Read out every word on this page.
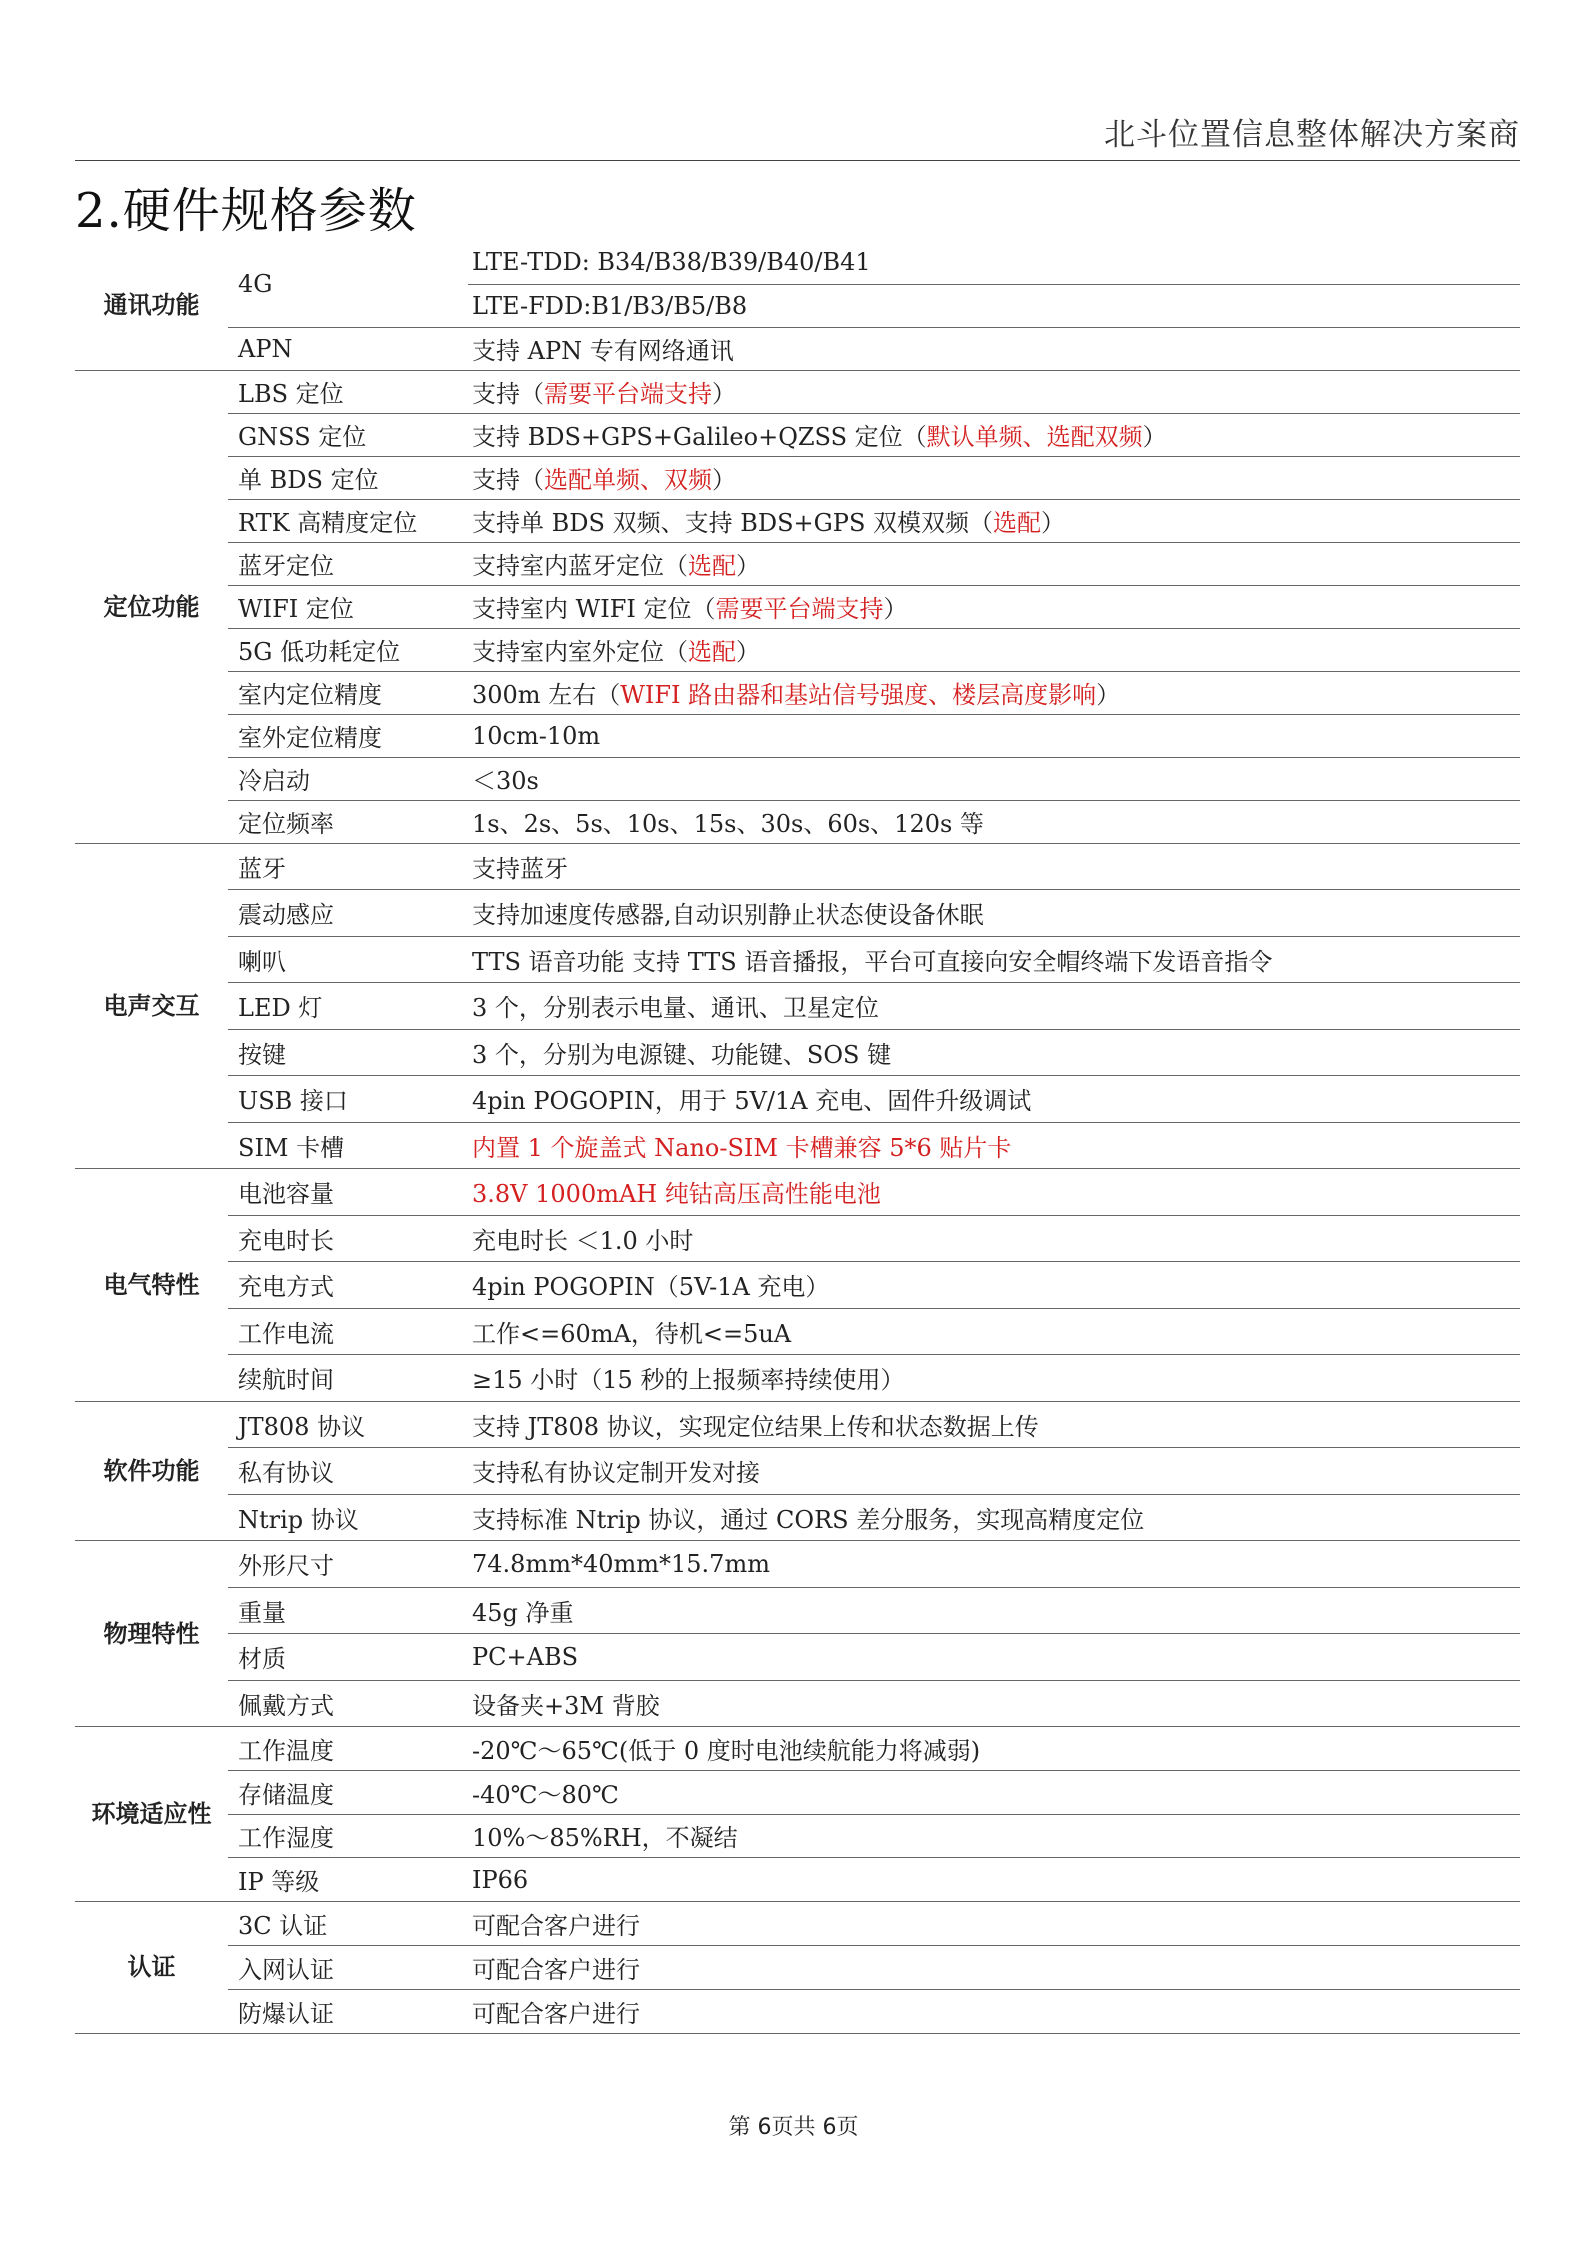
北斗位置信息整体解决方案商
2.硬件规格参数
通讯功能	4G	LTE-TDD: B34/B38/B39/B40/B41
		LTE-FDD:B1/B3/B5/B8
	APN	支持 APN 专有网络通讯
定位功能	LBS 定位	支持（需要平台端支持）
	GNSS 定位	支持 BDS+GPS+Galileo+QZSS 定位（默认单频、选配双频）
	单 BDS 定位	支持（选配单频、双频）
	RTK 高精度定位	支持单 BDS 双频、支持 BDS+GPS 双模双频（选配）
	蓝牙定位	支持室内蓝牙定位（选配）
	WIFI 定位	支持室内 WIFI 定位（需要平台端支持）
	5G 低功耗定位	支持室内室外定位（选配）
	室内定位精度	300m 左右（WIFI 路由器和基站信号强度、楼层高度影响）
	室外定位精度	10cm-10m
	冷启动	＜30s
	定位频率	1s、2s、5s、10s、15s、30s、60s、120s 等
电声交互	蓝牙	支持蓝牙
	震动感应	支持加速度传感器,自动识别静止状态使设备休眠
	喇叭	TTS 语音功能 支持 TTS 语音播报，平台可直接向安全帽终端下发语音指令
	LED 灯	3 个，分别表示电量、通讯、卫星定位
	按键	3 个，分别为电源键、功能键、SOS 键
	USB 接口	4pin POGOPIN，用于 5V/1A 充电、固件升级调试
	SIM 卡槽	内置 1 个旋盖式 Nano-SIM 卡槽兼容 5*6 贴片卡
电气特性	电池容量	3.8V 1000mAH 纯钴高压高性能电池
	充电时长	充电时长 ＜1.0 小时
	充电方式	4pin POGOPIN（5V-1A 充电）
	工作电流	工作<=60mA，待机<=5uA
	续航时间	≥15 小时（15 秒的上报频率持续使用）
软件功能	JT808 协议	支持 JT808 协议，实现定位结果上传和状态数据上传
	私有协议	支持私有协议定制开发对接
	Ntrip 协议	支持标准 Ntrip 协议，通过 CORS 差分服务，实现高精度定位
物理特性	外形尺寸	74.8mm*40mm*15.7mm
	重量	45g 净重
	材质	PC+ABS
	佩戴方式	设备夹+3M 背胶
环境适应性	工作温度	-20℃～65℃(低于 0 度时电池续航能力将减弱)
	存储温度	-40℃～80℃
	工作湿度	10%～85%RH，不凝结
	IP 等级	IP66
认证	3C 认证	可配合客户进行
	入网认证	可配合客户进行
	防爆认证	可配合客户进行
第 6页共 6页
